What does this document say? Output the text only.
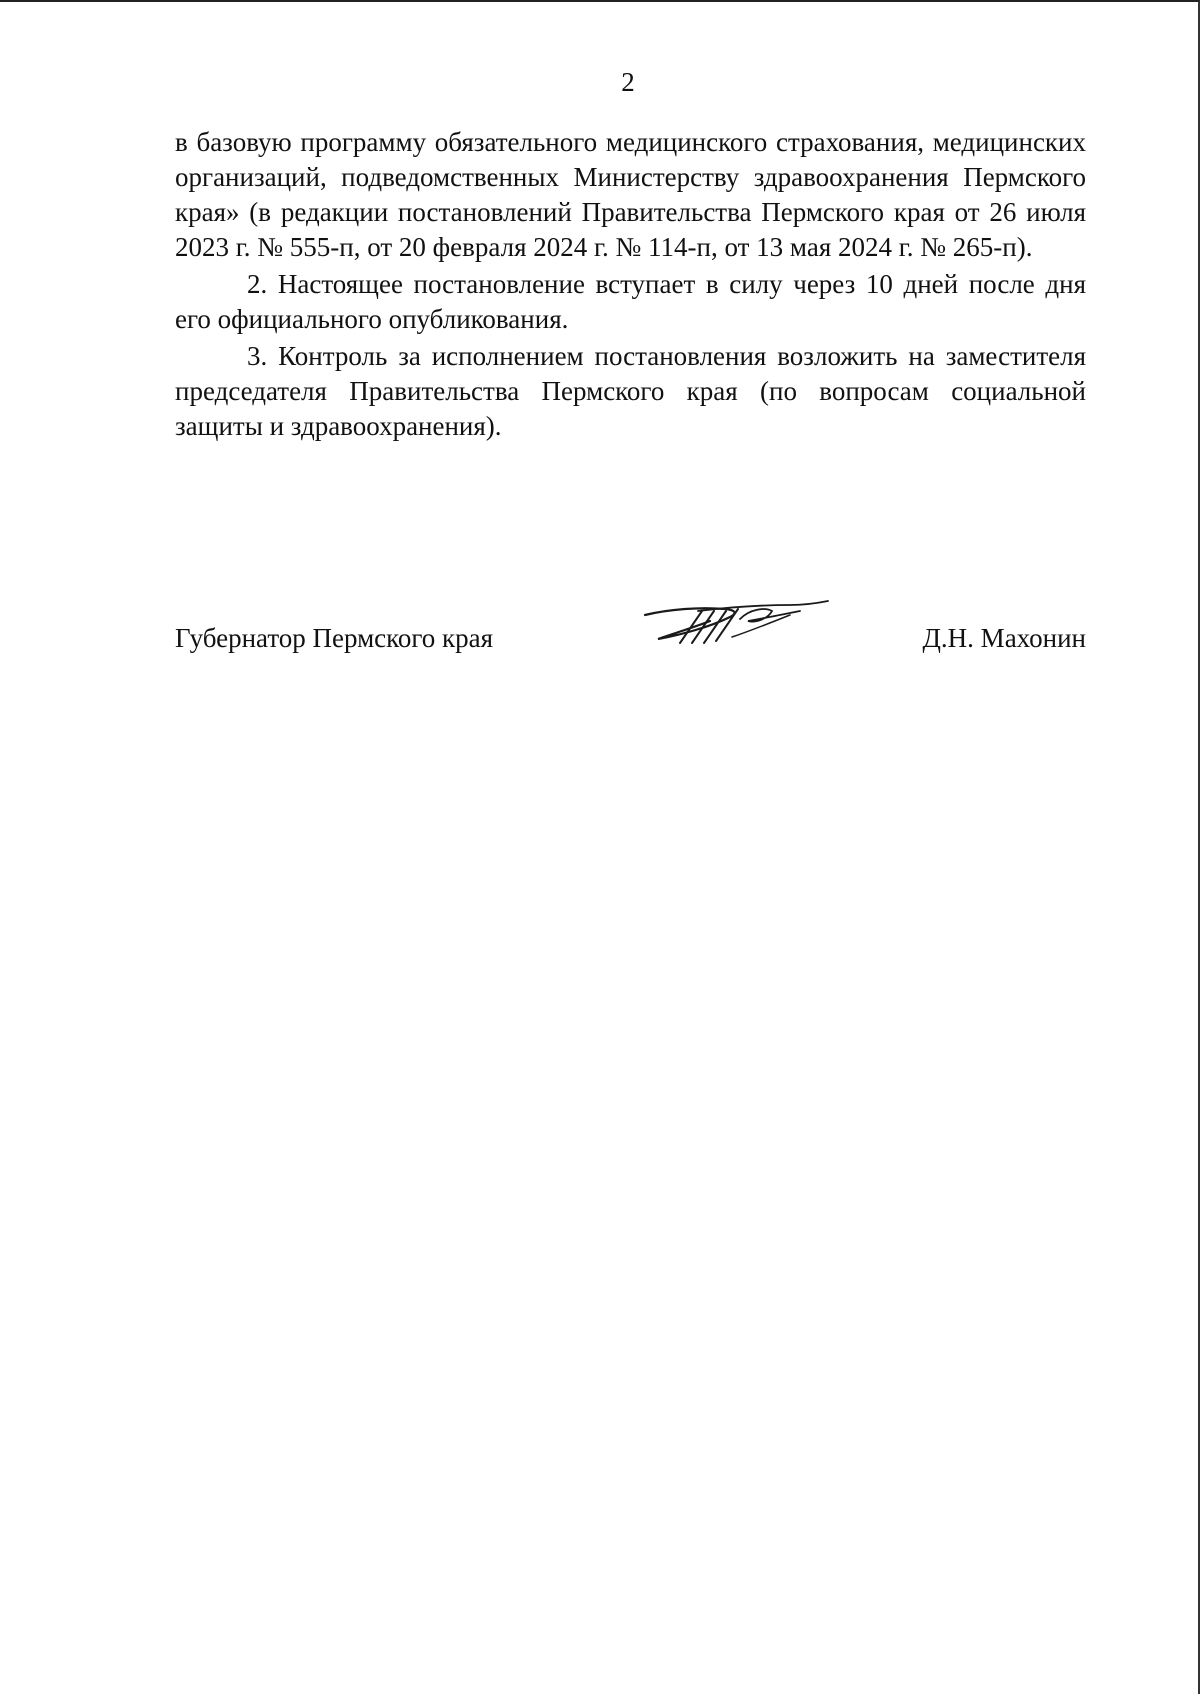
2

в базовую программу обязательного медицинского страхования, медицинских организаций, подведомственных Министерству здравоохранения Пермского края» (в редакции постановлений Правительства Пермского края от 26 июля 2023 г. № 555-п, от 20 февраля 2024 г. № 114-п, от 13 мая 2024 г. № 265-п).

2. Настоящее постановление вступает в силу через 10 дней после дня его официального опубликования.

3. Контроль за исполнением постановления возложить на заместителя председателя Правительства Пермского края (по вопросам социальной защиты и здравоохранения).

Губернатор Пермского края	Д.Н. Махонин
